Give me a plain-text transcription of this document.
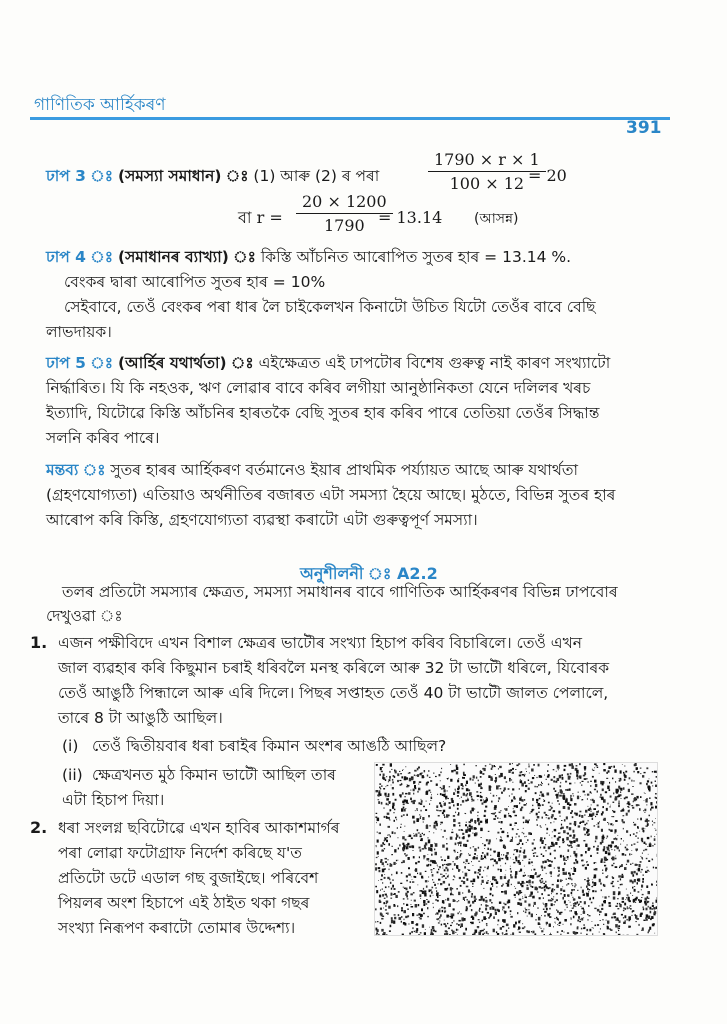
গাণিতিক আৰ্হিকৰণ
391
ঢাপ 3 ঃ (সমস্যা সমাধান) ঃ (1) আৰু (2) ৰ পৰা	$\frac{1790 \times r \times 1}{100 \times 12}$
= 20
বা $r = \frac{20 \times 1200}{1790}$
= 13.14 (আসন্ন)
ঢাপ 4 ঃ (সমাধানৰ ব্যাখ্যা) ঃ কিস্তি আঁচনিত আৰোপিত সুতৰ হাৰ = 13.14 %.
বেংকৰ দ্বাৰা আৰোপিত সুতৰ হাৰ = 10%
সেইবাবে, তেওঁ বেংকৰ পৰা ধাৰ লৈ চাইকেলখন কিনাটো উচিত যিটো তেওঁৰ বাবে বেছি
লাভদায়ক।
ঢাপ 5 ঃ (আৰ্হিৰ যথাৰ্থতা) ঃ এইক্ষেত্ৰত এই ঢাপটোৰ বিশেষ গুৰুত্ব নাই কাৰণ সংখ্যাটো
নিৰ্দ্ধাৰিত। যি কি নহওক, ঋণ লোৱাৰ বাবে কৰিব লগীয়া আনুষ্ঠানিকতা যেনে দলিলৰ খৰচ
ইত্যাদি, যিটোৱে কিস্তি আঁচনিৰ হাৰতকৈ বেছি সুতৰ হাৰ কৰিব পাৰে তেতিয়া তেওঁৰ সিদ্ধান্ত
সলনি কৰিব পাৰে।
মন্তব্য ঃ সুতৰ হাৰৰ আৰ্হিকৰণ বৰ্তমানেও ইয়াৰ প্ৰাথমিক পৰ্য্যায়ত আছে আৰু যথাৰ্থতা
(গ্ৰহণযোগ্যতা) এতিয়াও অৰ্থনীতিৰ বজাৰত এটা সমস্যা হৈয়ে আছে। মুঠতে, বিভিন্ন সুতৰ হাৰ
আৰোপ কৰি কিস্তি, গ্ৰহণযোগ্যতা ব্যৱস্থা কৰাটো এটা গুৰুত্বপূৰ্ণ সমস্যা।
অনুশীলনী ঃ A2.2
তলৰ প্ৰতিটো সমস্যাৰ ক্ষেত্ৰত, সমস্যা সমাধানৰ বাবে গাণিতিক আৰ্হিকৰণৰ বিভিন্ন ঢাপবোৰ
দেখুওৱা ঃ
1. এজন পক্ষীবিদে এখন বিশাল ক্ষেত্ৰৰ ভাটৌৰ সংখ্যা হিচাপ কৰিব বিচাৰিলে। তেওঁ এখন
জাল ব্যৱহাৰ কৰি কিছুমান চৰাই ধৰিবলৈ মনস্থ কৰিলে আৰু 32 টা ভাটৌ ধৰিলে, যিবোৰক
তেওঁ আঙুঠি পিন্ধালে আৰু এৰি দিলে। পিছৰ সপ্তাহত তেওঁ 40 টা ভাটৌ জালত পেলালে,
তাৰে 8 টা আঙুঠি আছিল।
(i) তেওঁ দ্বিতীয়বাৰ ধৰা চৰাইৰ কিমান অংশৰ আঙঠি আছিল?
(ii) ক্ষেত্ৰখনত মুঠ কিমান ভাটৌ আছিল তাৰ
এটা হিচাপ দিয়া।
2. ধৰা সংলগ্ন ছবিটোৱে এখন হাবিৰ আকাশমাৰ্গৰ
পৰা লোৱা ফটোগ্ৰাফ নিৰ্দেশ কৰিছে য'ত
প্ৰতিটো ডটে এডাল গছ বুজাইছে। পৰিবেশ
পিয়লৰ অংশ হিচাপে এই ঠাইত থকা গছৰ
সংখ্যা নিৰূপণ কৰাটো তোমাৰ উদ্দেশ্য।
